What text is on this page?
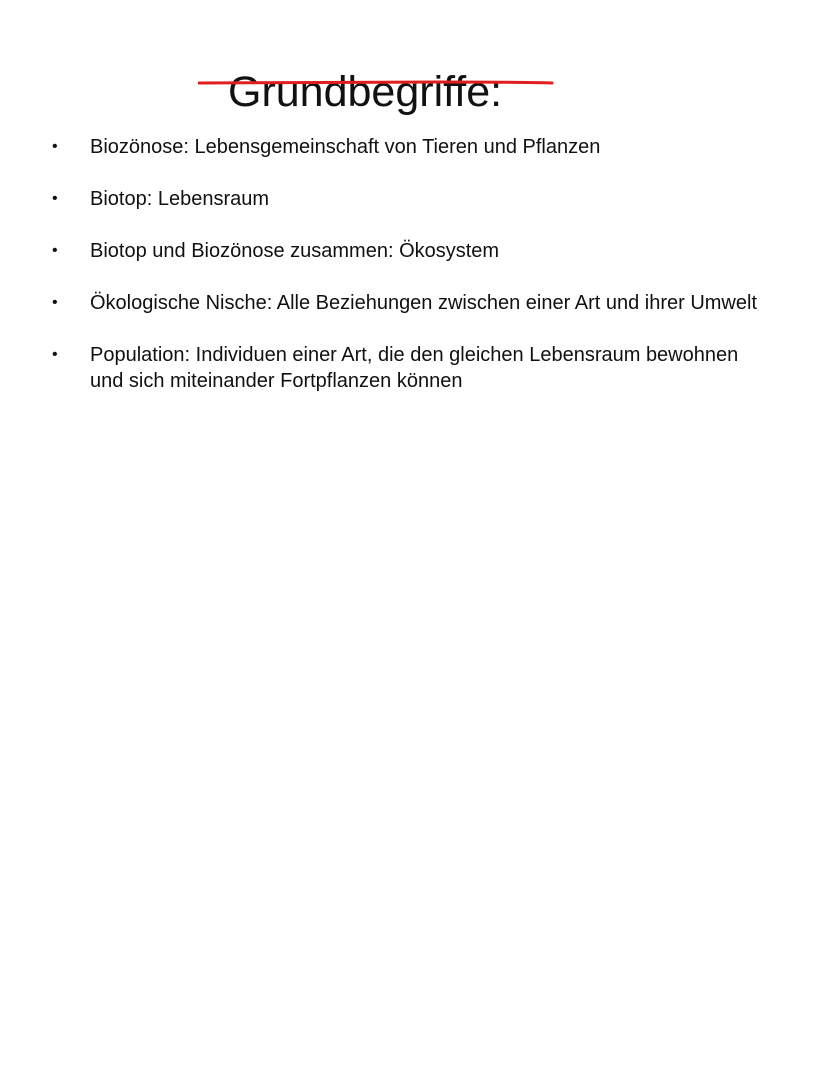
Grundbegriffe:
•	Biozönose: Lebensgemeinschaft von Tieren und Pflanzen
•	Biotop: Lebensraum
•	Biotop und Biozönose zusammen: Ökosystem
•	Ökologische Nische: Alle Beziehungen zwischen einer Art und ihrer Umwelt
•	Population: Individuen einer Art, die den gleichen Lebensraum bewohnen und sich miteinander Fortpflanzen können
